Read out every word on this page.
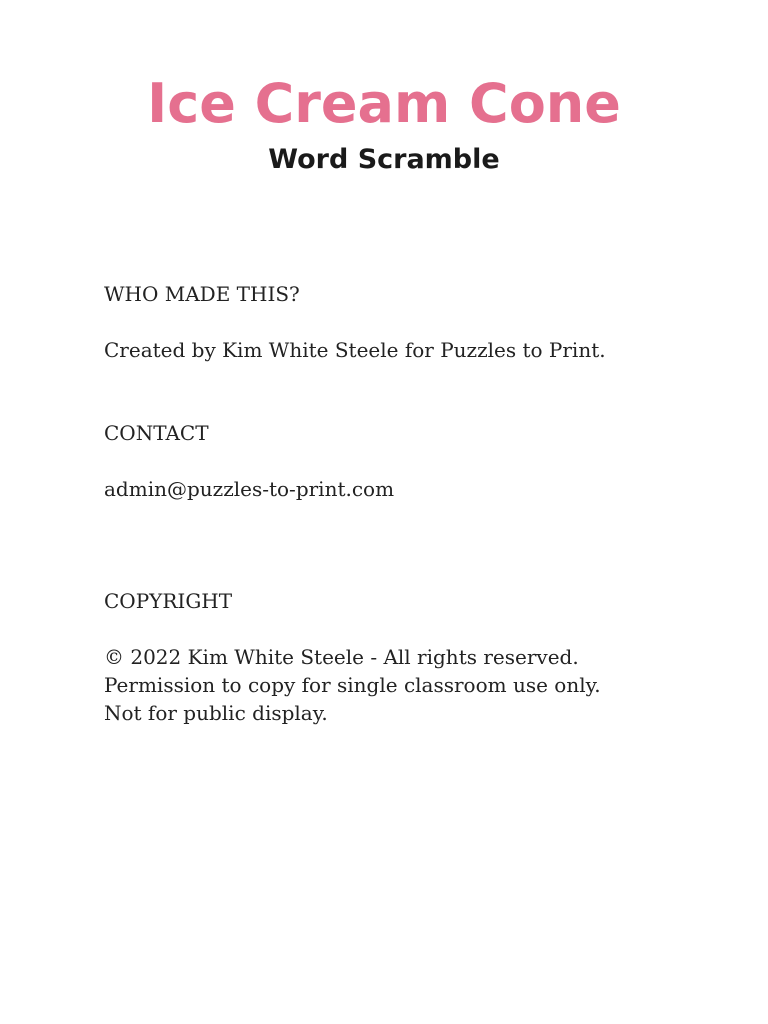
Ice Cream Cone
Word Scramble

WHO MADE THIS?

Created by Kim White Steele for Puzzles to Print.

CONTACT

admin@puzzles-to-print.com

COPYRIGHT

© 2022 Kim White Steele - All rights reserved.
Permission to copy for single classroom use only.
Not for public display.
